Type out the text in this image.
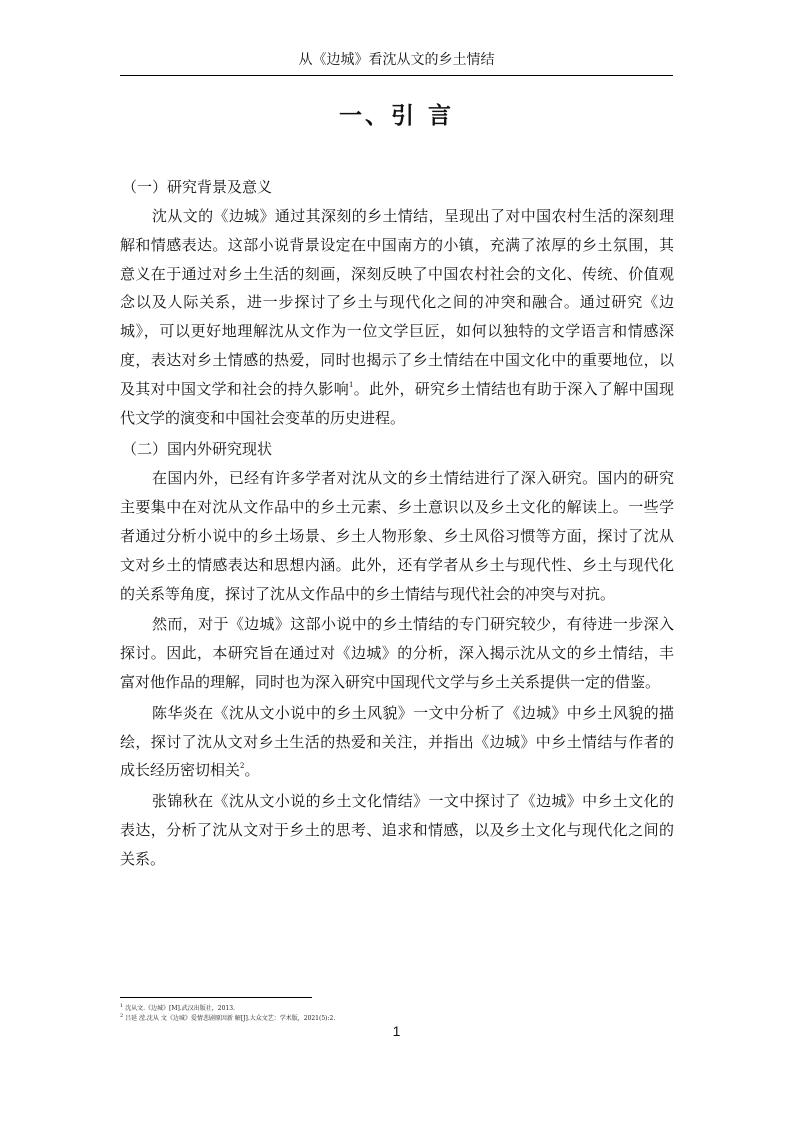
从《边城》看沈从文的乡土情结
一、引 言

（一）研究背景及意义

沈从文的《边城》通过其深刻的乡土情结，呈现出了对中国农村生活的深刻理解和情感表达。这部小说背景设定在中国南方的小镇，充满了浓厚的乡土氛围，其意义在于通过对乡土生活的刻画，深刻反映了中国农村社会的文化、传统、价值观念以及人际关系，进一步探讨了乡土与现代化之间的冲突和融合。通过研究《边城》，可以更好地理解沈从文作为一位文学巨匠，如何以独特的文学语言和情感深度，表达对乡土情感的热爱，同时也揭示了乡土情结在中国文化中的重要地位，以及其对中国文学和社会的持久影响$^1$。此外，研究乡土情结也有助于深入了解中国现代文学的演变和中国社会变革的历史进程。

（二）国内外研究现状

在国内外，已经有许多学者对沈从文的乡土情结进行了深入研究。国内的研究主要集中在对沈从文作品中的乡土元素、乡土意识以及乡土文化的解读上。一些学者通过分析小说中的乡土场景、乡土人物形象、乡土风俗习惯等方面，探讨了沈从文对乡土的情感表达和思想内涵。此外，还有学者从乡土与现代性、乡土与现代化的关系等角度，探讨了沈从文作品中的乡土情结与现代社会的冲突与对抗。

然而，对于《边城》这部小说中的乡土情结的专门研究较少，有待进一步深入探讨。因此，本研究旨在通过对《边城》的分析，深入揭示沈从文的乡土情结，丰富对他作品的理解，同时也为深入研究中国现代文学与乡土关系提供一定的借鉴。

陈华炎在《沈从文小说中的乡土风貌》一文中分析了《边城》中乡土风貌的描绘，探讨了沈从文对乡土生活的热爱和关注，并指出《边城》中乡土情结与作者的成长经历密切相关$^2$。

张锦秋在《沈从文小说的乡土文化情结》一文中探讨了《边城》中乡土文化的表达，分析了沈从文对于乡土的思考、追求和情感，以及乡土文化与现代化之间的关系。

$^1$ 沈从文.《边城》[M].武汉出版社，2013.
$^2$ 吕延 滢.沈从 文《边城》爱情悲剧原因新 解[J].大众文艺：学术版，2021(5):2.
1
